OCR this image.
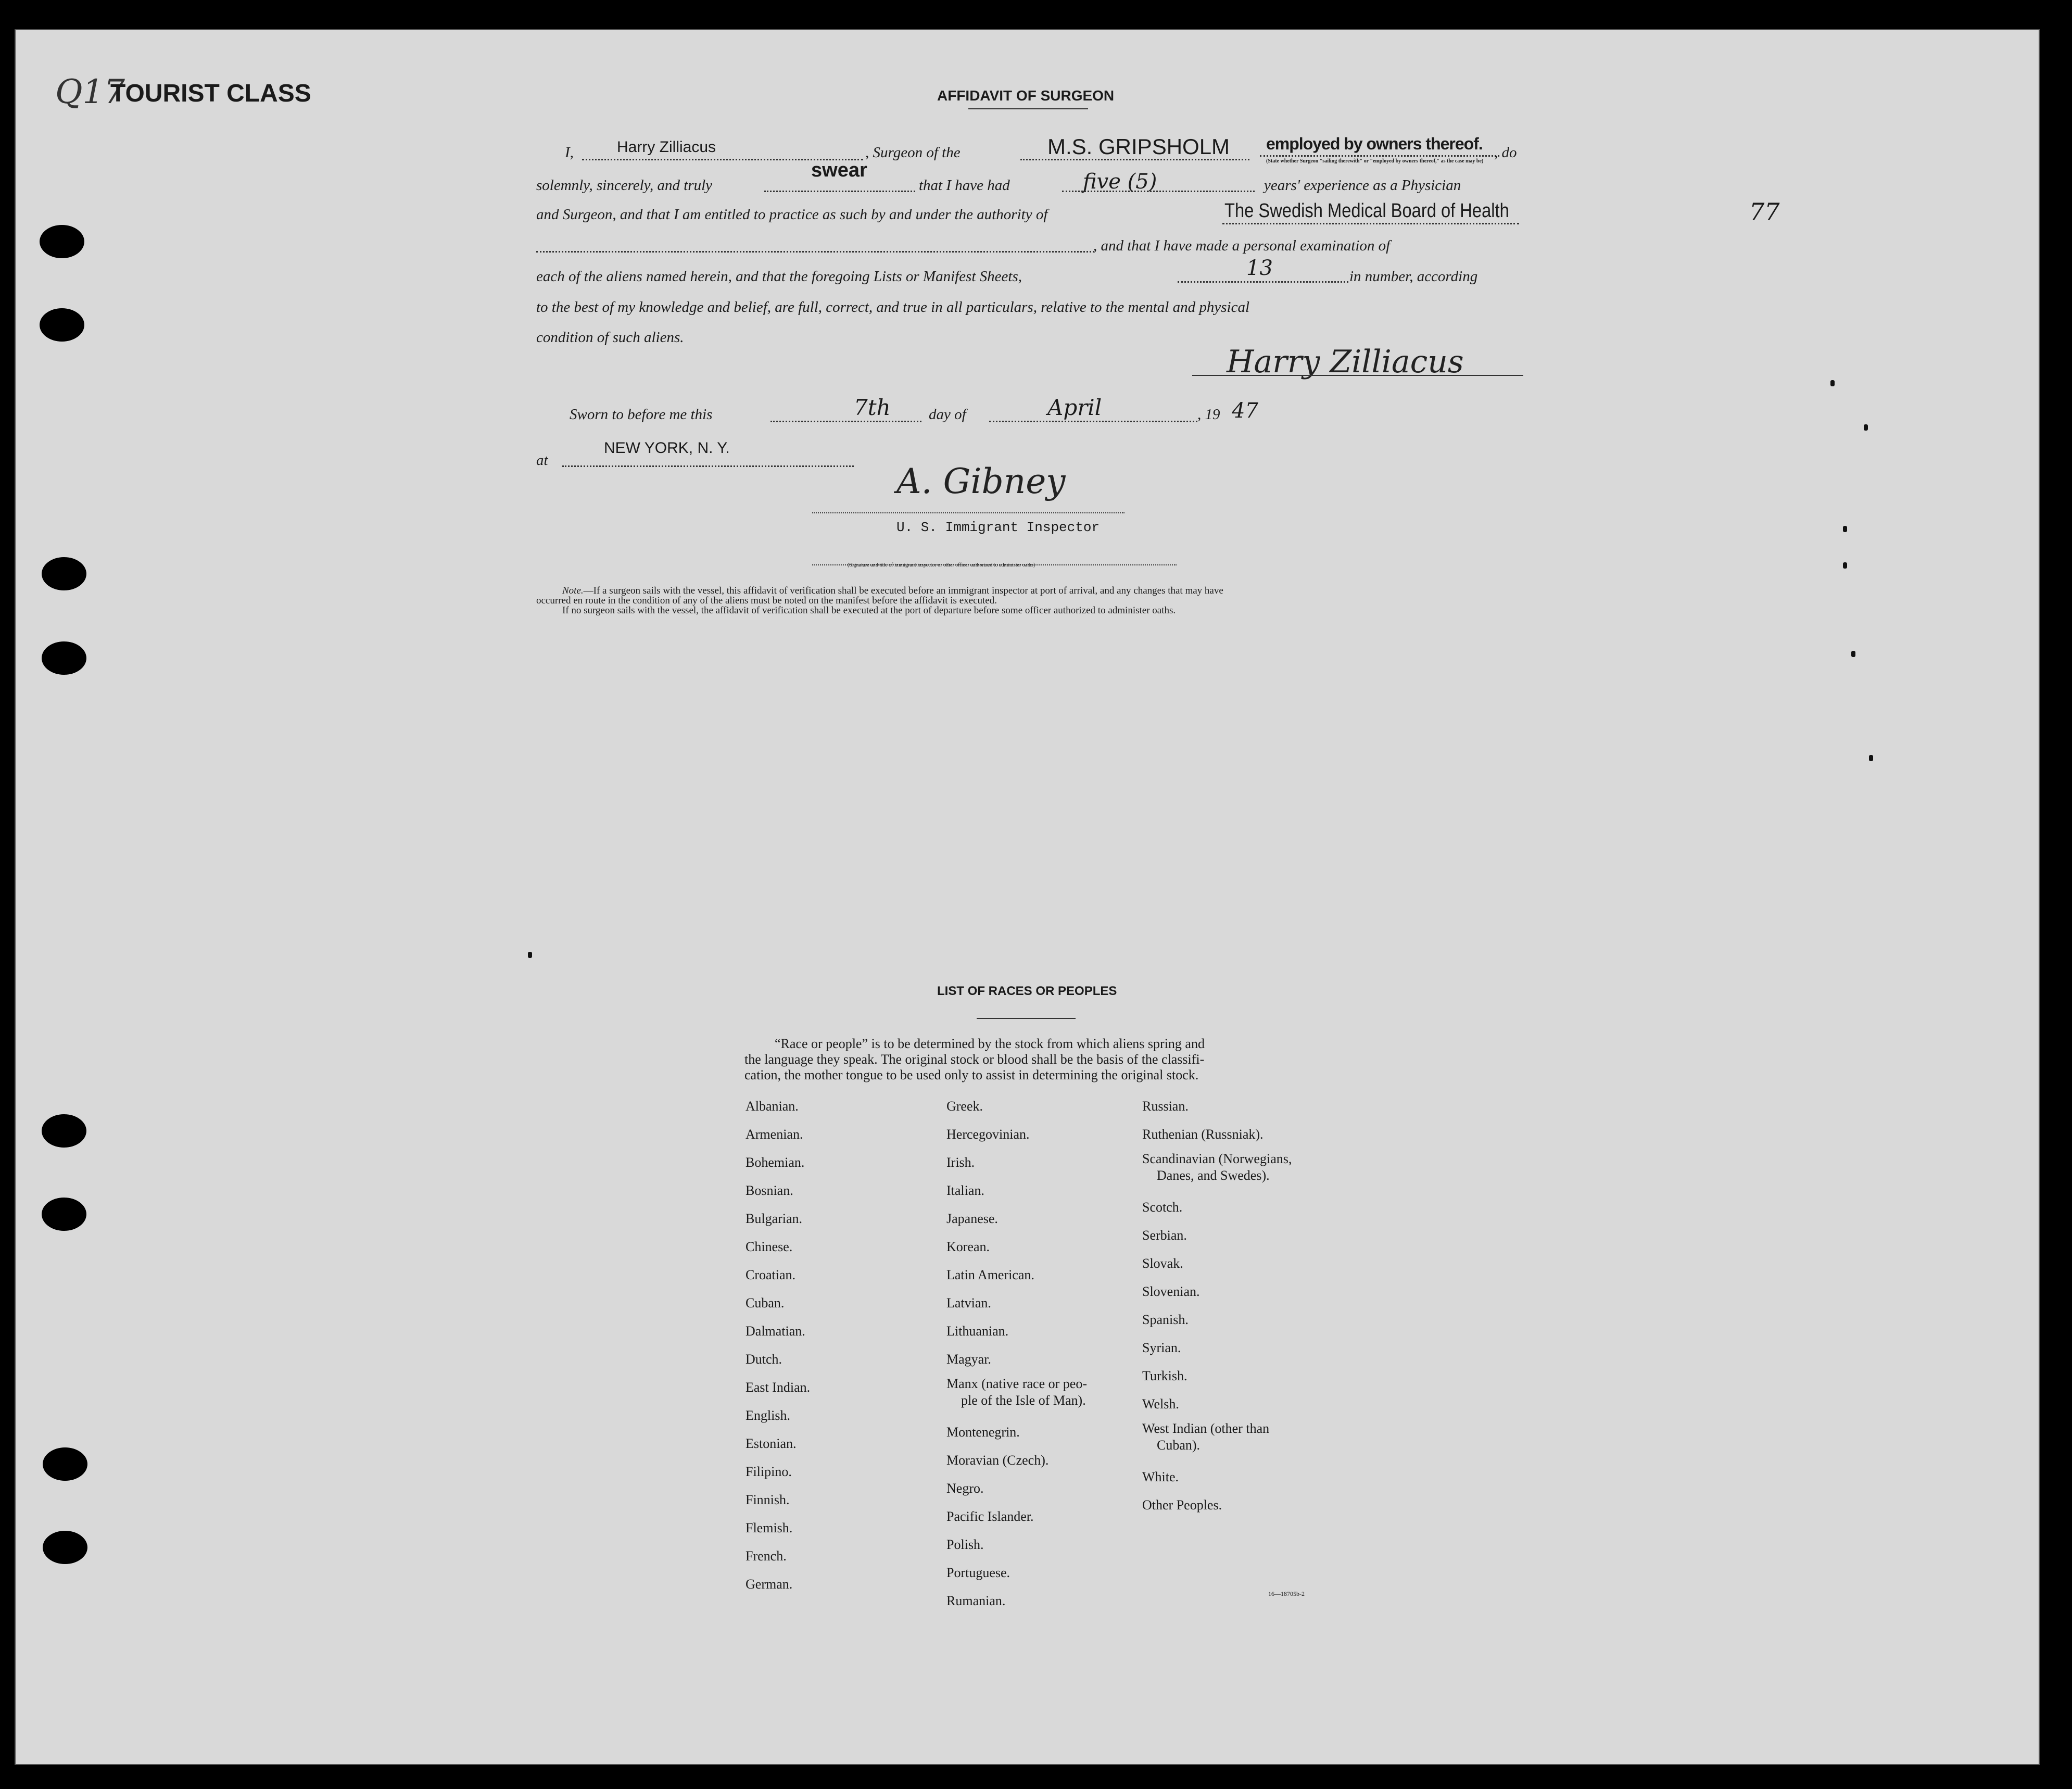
Q17
TOURIST CLASS	AFFIDAVIT OF SURGEON
77
I,	Harry Zilliacus	, Surgeon of the	M.S. GRIPSHOLM employed by owners thereof. , do
(State whether Surgeon "sailing therewith" or "employed by owners thereof," as the case may be)
solemnly, sincerely, and truly
swear
that I have had	five (5)	years' experience as a Physician
and Surgeon, and that I am entitled to practice as such by and under the authority of	The Swedish Medical Board of Health
, and that I have made a personal examination of
each of the aliens named herein, and that the foregoing Lists or Manifest Sheets,	13	in number, according
to the best of my knowledge and belief, are full, correct, and true in all particulars, relative to the mental and physical
condition of such aliens.
Harry Zilliacus
Sworn to before me this	7th	day of	April	, 19 47
at
NEW YORK, N. Y.
A. Gibney
U. S. Immigrant Inspector
(Signature and title of immigrant inspector or other officer authorized to administer oaths)
Note.—If a surgeon sails with the vessel, this affidavit of verification shall be executed before an immigrant inspector at port of arrival, and any changes that may have
occurred en route in the condition of any of the aliens must be noted on the manifest before the affidavit is executed.
If no surgeon sails with the vessel, the affidavit of verification shall be executed at the port of departure before some officer authorized to administer oaths.
LIST OF RACES OR PEOPLES
“Race or people” is to be determined by the stock from which aliens spring and
the language they speak. The original stock or blood shall be the basis of the classifi-
cation, the mother tongue to be used only to assist in determining the original stock.
Albanian.
Armenian.
Bohemian.
Bosnian.
Bulgarian.
Chinese.
Croatian.
Cuban.
Dalmatian.
Dutch.
East Indian.
English.
Estonian.
Filipino.
Finnish.
Flemish.
French.
German.
Greek.
Hercegovinian.
Irish.
Italian.
Japanese.
Korean.
Latin American.
Latvian.
Lithuanian.
Magyar.
Manx (native race or peo-
ple of the Isle of Man).
Montenegrin.
Moravian (Czech).
Negro.
Pacific Islander.
Polish.
Portuguese.
Rumanian.
Russian.
Ruthenian (Russniak).
Scandinavian (Norwegians,
Danes, and Swedes).
Scotch.
Serbian.
Slovak.
Slovenian.
Spanish.
Syrian.
Turkish.
Welsh.
West Indian (other than
Cuban).
White.
Other Peoples.
16—18705b-2
